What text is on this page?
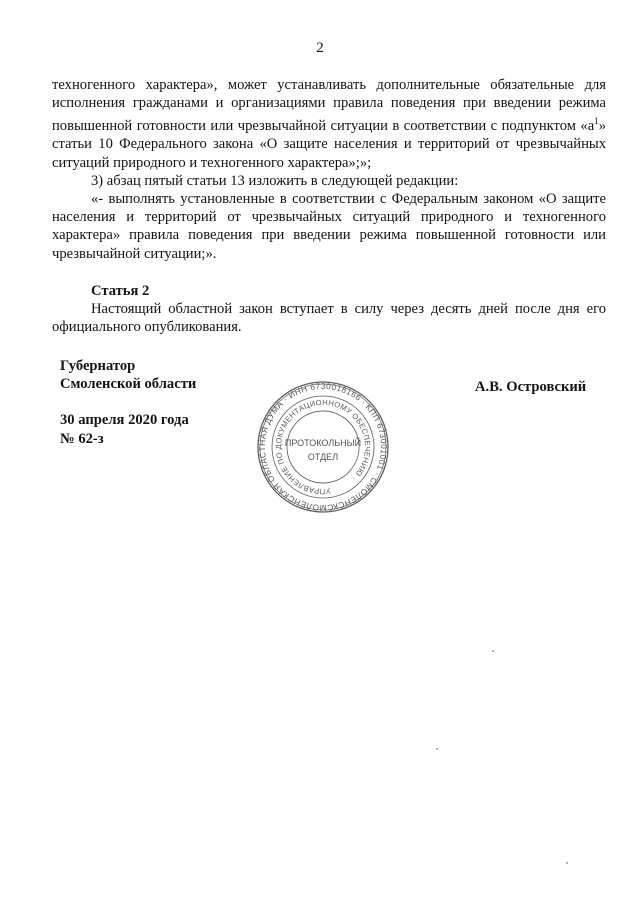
2

техногенного характера», может устанавливать дополнительные обязательные для исполнения гражданами и организациями правила поведения при введении режима повышенной готовности или чрезвычайной ситуации в соответствии с подпунктом «$а^1$» статьи 10 Федерального закона «О защите населения и территорий от чрезвычайных ситуаций природного и техногенного характера»;»;

3) абзац пятый статьи 13 изложить в следующей редакции:

«- выполнять установленные в соответствии с Федеральным законом «О защите населения и территорий от чрезвычайных ситуаций природного и техногенного характера» правила поведения при введении режима повышенной готовности или чрезвычайной ситуации;».

Статья 2

Настоящий областной закон вступает в силу через десять дней после дня его официального опубликования.

Губернатор
Смоленской области
30 апреля 2020 года
№ 62-з
А.В. Островский
СМОЛЕНСКАЯ ОБЛАСТНАЯ ДУМА · ИНН 6730018166 · КПП 673001001 · СМОЛЕНСКАЯ
УПРАВЛЕНИЕ ПО ДОКУМЕНТАЦИОННОМУ ОБЕСПЕЧЕНИЮ ·
ПРОТОКОЛЬНЫЙ
ОТДЕЛ
